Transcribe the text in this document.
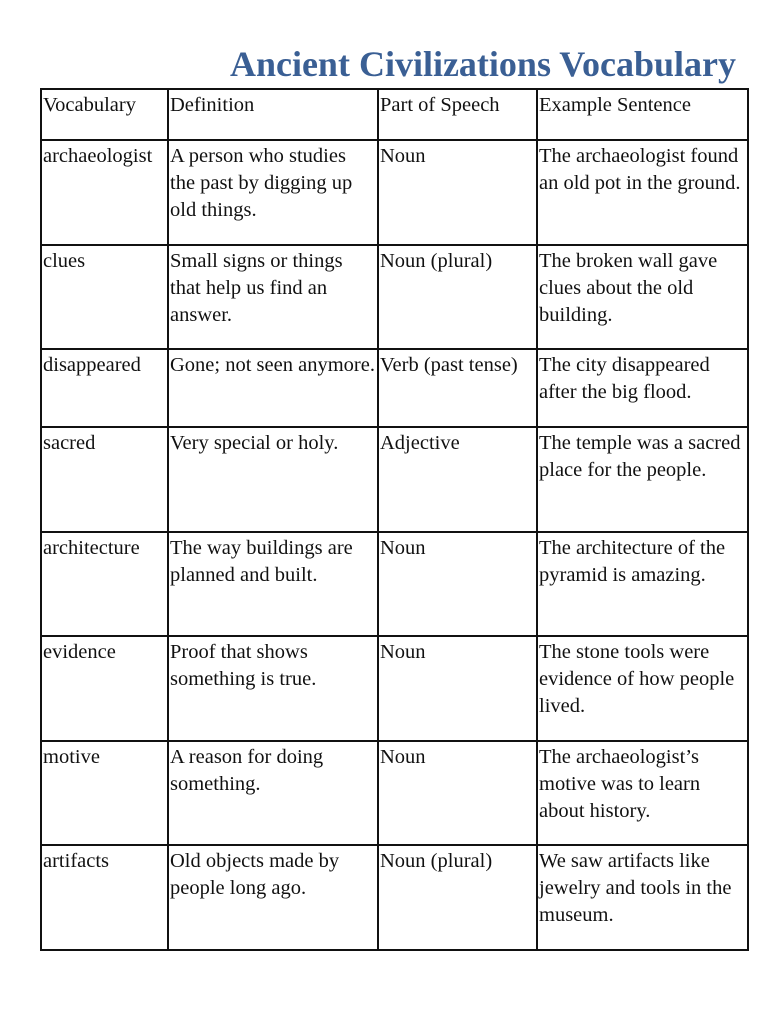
Ancient Civilizations Vocabulary
Vocabulary	Definition	Part of Speech	Example Sentence
archaeologist	A person who studies the past by digging up old things.	Noun	The archaeologist found an old pot in the ground.
clues	Small signs or things that help us find an answer.	Noun (plural)	The broken wall gave clues about the old building.
disappeared	Gone; not seen anymore.	Verb (past tense)	The city disappeared after the big flood.
sacred	Very special or holy.	Adjective	The temple was a sacred place for the people.
architecture	The way buildings are planned and built.	Noun	The architecture of the pyramid is amazing.
evidence	Proof that shows something is true.	Noun	The stone tools were evidence of how people lived.
motive	A reason for doing something.	Noun	The archaeologist’s motive was to learn about history.
artifacts	Old objects made by people long ago.	Noun (plural)	We saw artifacts like jewelry and tools in the museum.
